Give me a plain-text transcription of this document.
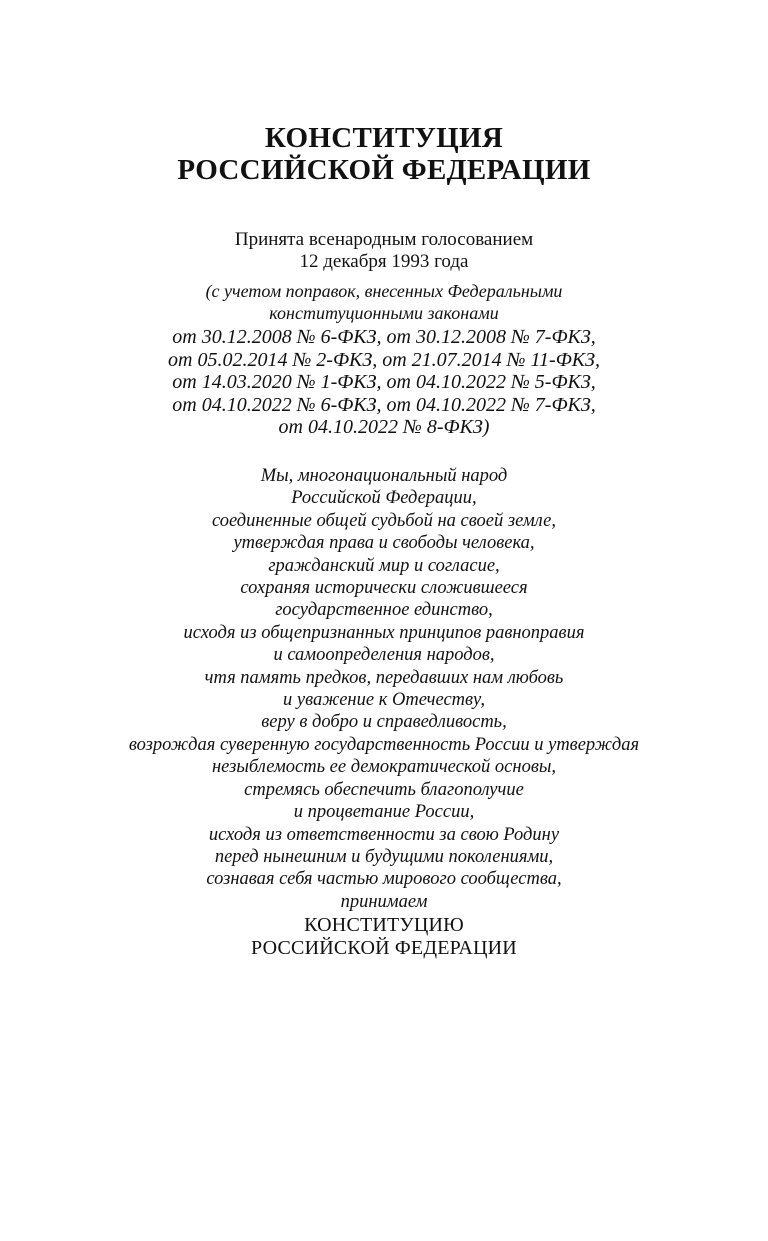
КОНСТИТУЦИЯ
РОССИЙСКОЙ ФЕДЕРАЦИИ
Принята всенародным голосованием
12 декабря 1993 года
(с учетом поправок, внесенных Федеральными
конституционными законами
от 30.12.2008 № 6-ФКЗ, от 30.12.2008 № 7-ФКЗ,
от 05.02.2014 № 2-ФКЗ, от 21.07.2014 № 11-ФКЗ,
от 14.03.2020 № 1-ФКЗ, от 04.10.2022 № 5-ФКЗ,
от 04.10.2022 № 6-ФКЗ, от 04.10.2022 № 7-ФКЗ,
от 04.10.2022 № 8-ФКЗ)
Мы, многонациональный народ
Российской Федерации,
соединенные общей судьбой на своей земле,
утверждая права и свободы человека,
гражданский мир и согласие,
сохраняя исторически сложившееся
государственное единство,
исходя из общепризнанных принципов равноправия
и самоопределения народов,
чтя память предков, передавших нам любовь
и уважение к Отечеству,
веру в добро и справедливость,
возрождая суверенную государственность России и утверждая
незыблемость ее демократической основы,
стремясь обеспечить благополучие
и процветание России,
исходя из ответственности за свою Родину
перед нынешним и будущими поколениями,
сознавая себя частью мирового сообщества,
принимаем
КОНСТИТУЦИЮ
РОССИЙСКОЙ ФЕДЕРАЦИИ
